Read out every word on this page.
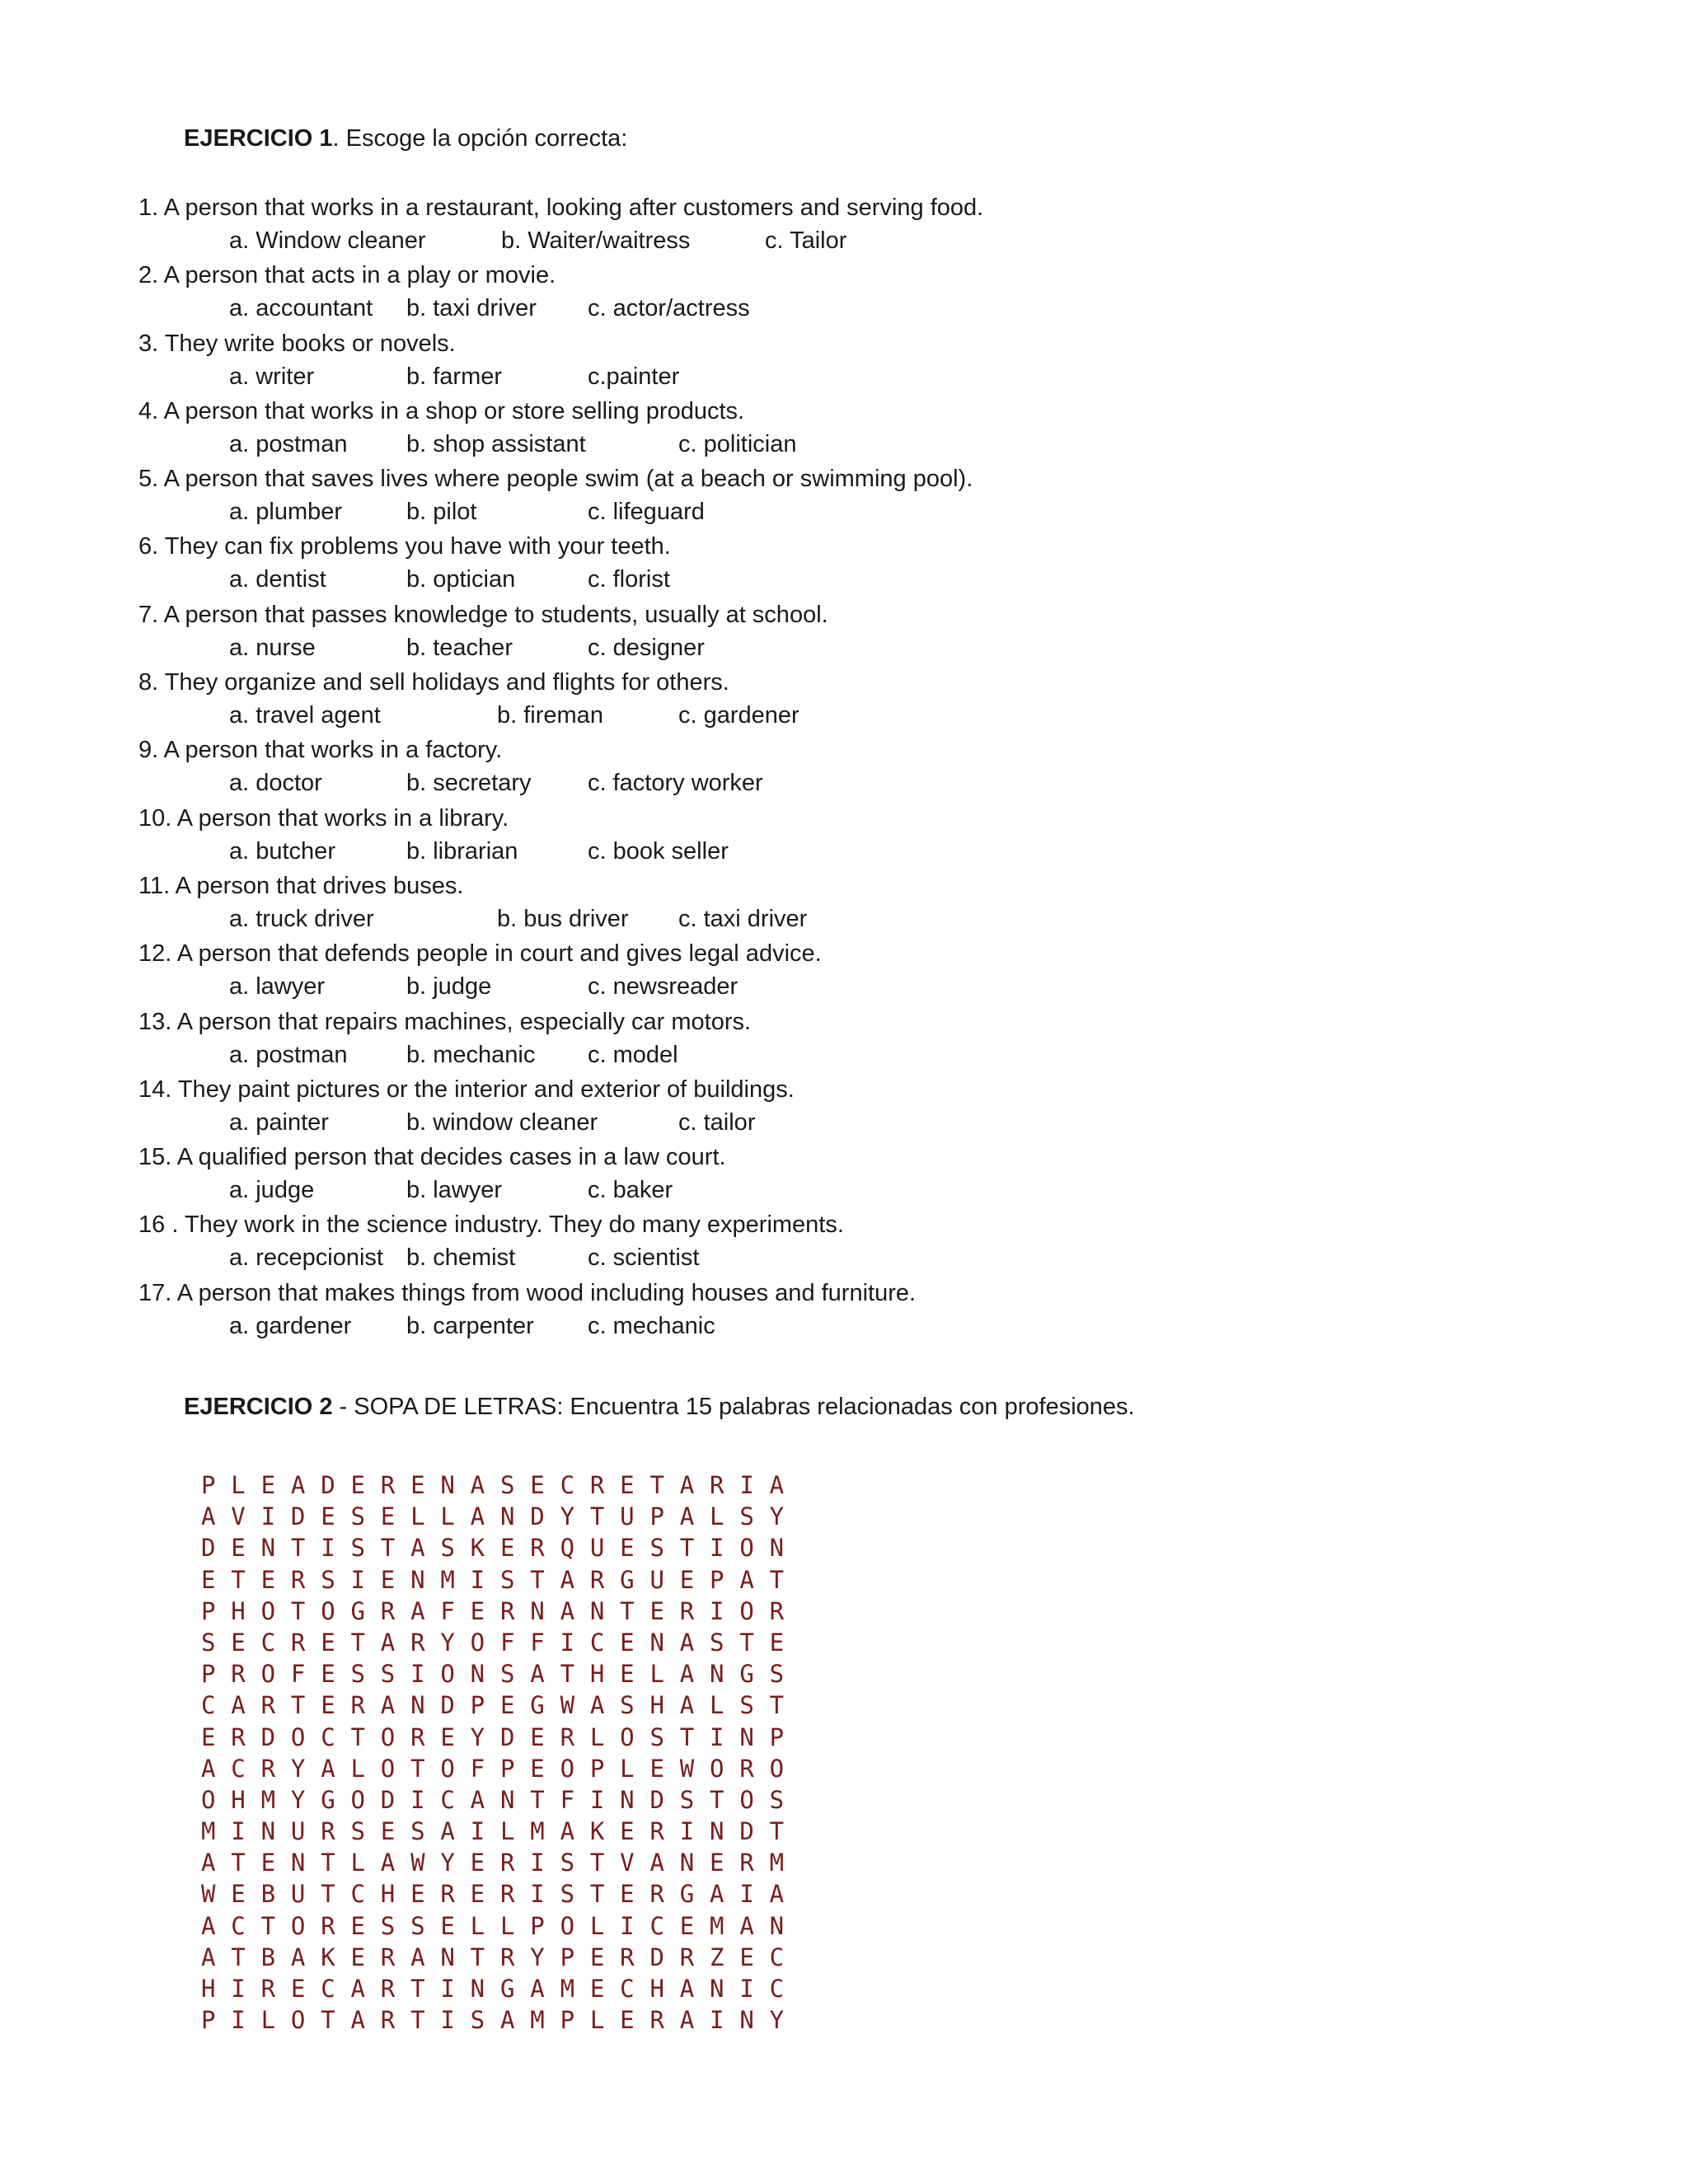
EJERCICIO 1. Escoge la opción correcta:
1. A person that works in a restaurant, looking after customers and serving food.
a. Window cleaner	b. Waiter/waitress	c. Tailor
2. A person that acts in a play or movie.
a. accountant b. taxi driver c. actor/actress
3. They write books or novels.
a. writer	b. farmer	c.painter
4. A person that works in a shop or store selling products.
a. postman b. shop assistant	c. politician
5. A person that saves lives where people swim (at a beach or swimming pool).
a. plumber	b. pilot	c. lifeguard
6. They can fix problems you have with your teeth.
a. dentist	b. optician	c. florist
7. A person that passes knowledge to students, usually at school.
a. nurse	b. teacher	c. designer
8. They organize and sell holidays and flights for others.
a. travel agent	b. fireman	c. gardener
9. A person that works in a factory.
a. doctor	b. secretary c. factory worker
10. A person that works in a library.
a. butcher	b. librarian	c. book seller
11. A person that drives buses.
a. truck driver	b. bus driver c. taxi driver
12. A person that defends people in court and gives legal advice.
a. lawyer	b. judge	c. newsreader
13. A person that repairs machines, especially car motors.
a. postman b. mechanic c. model
14. They paint pictures or the interior and exterior of buildings.
a. painter	b. window cleaner	c. tailor
15. A qualified person that decides cases in a law court.
a. judge	b. lawyer	c. baker
16 . They work in the science industry. They do many experiments.
a. recepcionist b. chemist	c. scientist
17. A person that makes things from wood including houses and furniture.
a. gardener b. carpenter c. mechanic
EJERCICIO 2 - SOPA DE LETRAS: Encuentra 15 palabras relacionadas con profesiones.
P L E A D E R E N A S E C R E T A R I A
A V I D E S E L L A N D Y T U P A L S Y
D E N T I S T A S K E R Q U E S T I O N
E T E R S I E N M I S T A R G U E P A T
P H O T O G R A F E R N A N T E R I O R
S E C R E T A R Y O F F I C E N A S T E
P R O F E S S I O N S A T H E L A N G S
C A R T E R A N D P E G W A S H A L S T
E R D O C T O R E Y D E R L O S T I N P
A C R Y A L O T O F P E O P L E W O R O
O H M Y G O D I C A N T F I N D S T O S
M I N U R S E S A I L M A K E R I N D T
A T E N T L A W Y E R I S T V A N E R M
W E B U T C H E R E R I S T E R G A I A
A C T O R E S S E L L P O L I C E M A N
A T B A K E R A N T R Y P E R D R Z E C
H I R E C A R T I N G A M E C H A N I C
P I L O T A R T I S A M P L E R A I N Y
